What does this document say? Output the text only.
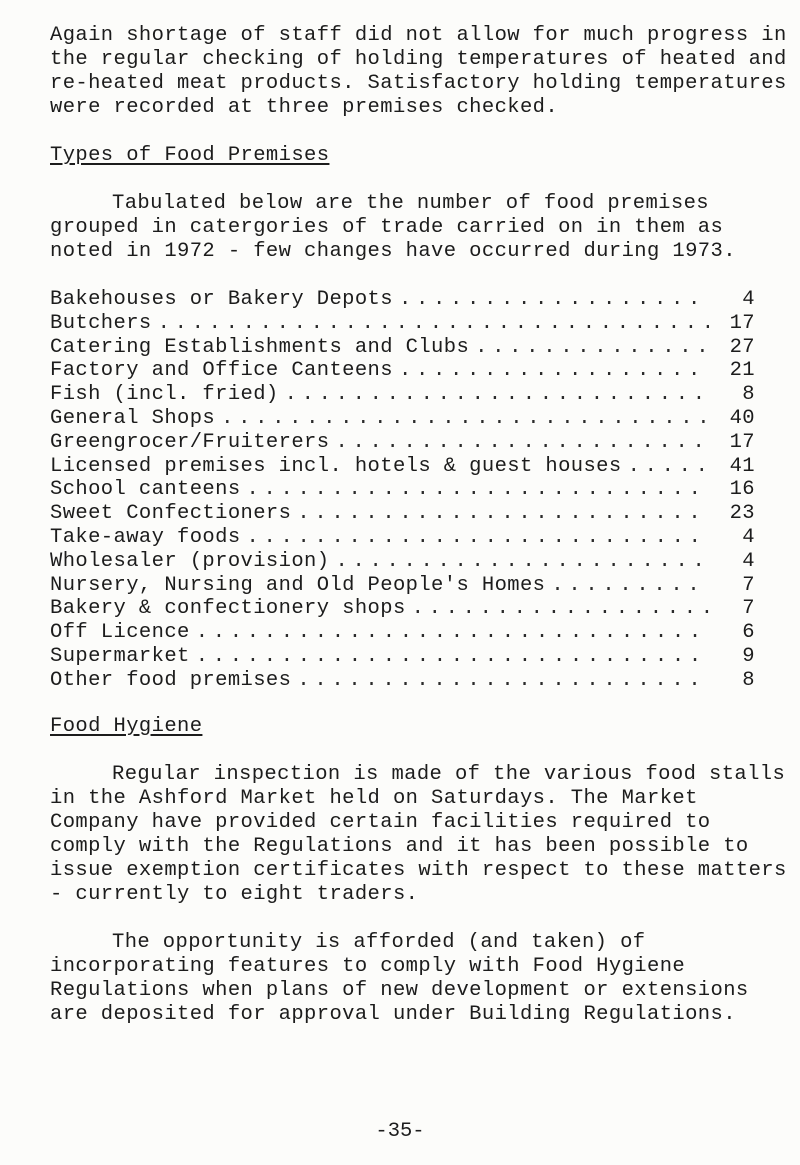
Again shortage of staff did not allow for much progress in the regular checking of holding temperatures of heated and re-heated meat products. Satisfactory holding temperatures were recorded at three premises checked.

Types of Food Premises

Tabulated below are the number of food premises grouped in catergories of trade carried on in them as noted in 1972 - few changes have occurred during 1973.

Bakehouses or Bakery Depots . . .	4
Butchers . . .	17
Catering Establishments and Clubs . . .	27
Factory and Office Canteens . . .	21
Fish (incl. fried) . . .	8
General Shops . . .	40
Greengrocer/Fruiterers . . .	17
Licensed premises incl. hotels & guest houses . . .	41
School canteens . . .	16
Sweet Confectioners . . .	23
Take-away foods . . .	4
Wholesaler (provision) . . .	4
Nursery, Nursing and Old People's Homes . . .	7
Bakery & confectionery shops . . .	7
Off Licence . . .	6
Supermarket . . .	9
Other food premises . . .	8
Food Hygiene

Regular inspection is made of the various food stalls in the Ashford Market held on Saturdays. The Market Company have provided certain facilities required to comply with the Regulations and it has been possible to issue exemption certificates with respect to these matters - currently to eight traders.

The opportunity is afforded (and taken) of incorporating features to comply with Food Hygiene Regulations when plans of new development or extensions are deposited for approval under Building Regulations.

-35-
